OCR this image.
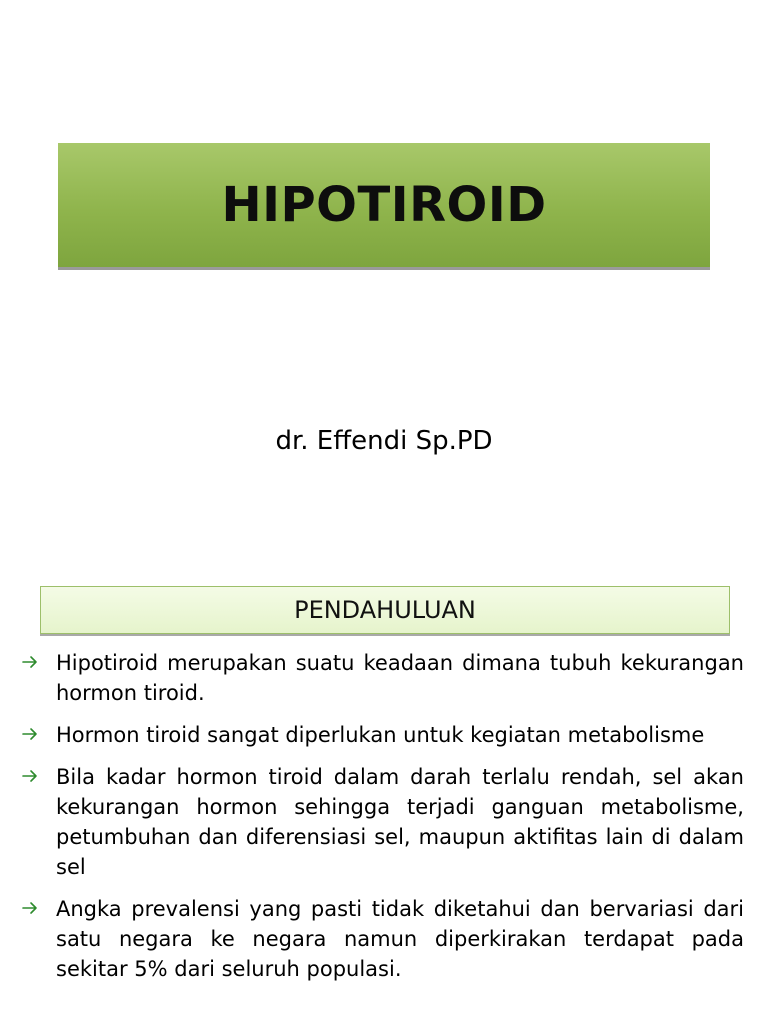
HIPOTIROID
dr. Effendi Sp.PD
PENDAHULUAN
Hipotiroid merupakan suatu keadaan dimana tubuh kekurangan hormon tiroid.
Hormon tiroid sangat diperlukan untuk kegiatan metabolisme
Bila kadar hormon tiroid dalam darah terlalu rendah, sel akan kekurangan hormon sehingga terjadi ganguan metabolisme, petumbuhan dan diferensiasi sel, maupun aktifitas lain di dalam sel
Angka prevalensi yang pasti tidak diketahui dan bervariasi dari satu negara ke negara namun diperkirakan terdapat pada sekitar 5% dari seluruh populasi.
